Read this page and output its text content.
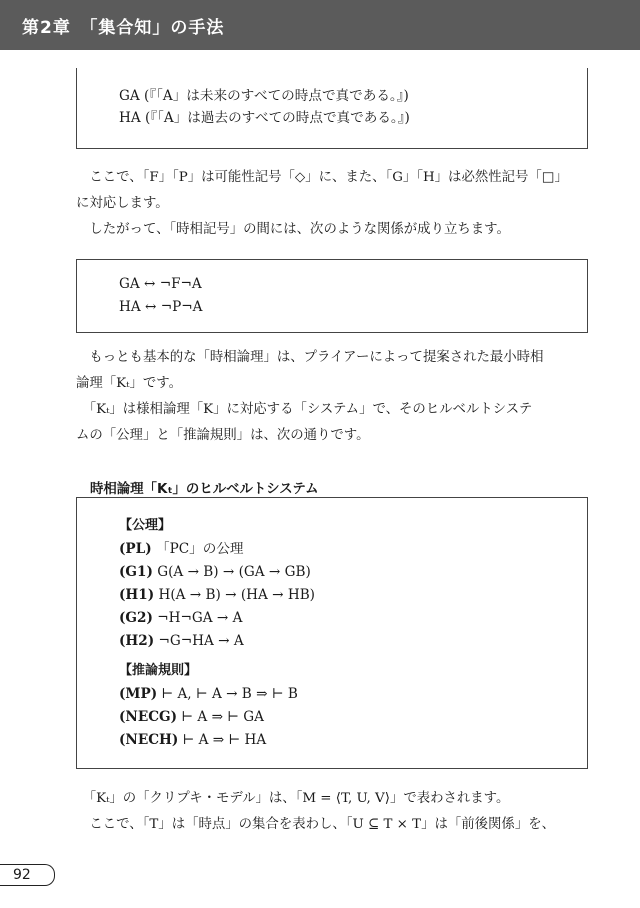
第2章　「集合知」の手法
GA (『「A」は未来のすべての時点で真である。』)
HA (『「A」は過去のすべての時点で真である。』)

ここで、「F」「P」は可能性記号「◇」に、また、「G」「H」は必然性記号「□」

に対応します。

したがって、「時相記号」の間には、次のような関係が成り立ちます。

GA ↔ ¬F¬A
HA ↔ ¬P¬A

もっとも基本的な「時相論理」は、プライアーによって提案された最小時相

論理「Kₜ」です。

「Kₜ」は様相論理「K」に対応する「システム」で、そのヒルベルトシステ

ムの「公理」と「推論規則」は、次の通りです。

時相論理「Kₜ」のヒルベルトシステム
【公理】
(PL) 「PC」の公理
(G1) G(A → B) → (GA → GB)
(H1) H(A → B) → (HA → HB)
(G2) ¬H¬GA → A
(H2) ¬G¬HA → A
【推論規則】
(MP) ⊢ A, ⊢ A → B ⇒ ⊢ B
(NECG) ⊢ A ⇒ ⊢ GA
(NECH) ⊢ A ⇒ ⊢ HA

「Kₜ」の「クリプキ・モデル」は、「M = ⟨T, U, V⟩」で表わされます。

ここで、「T」は「時点」の集合を表わし、「U ⊆ T × T」は「前後関係」を、

92
